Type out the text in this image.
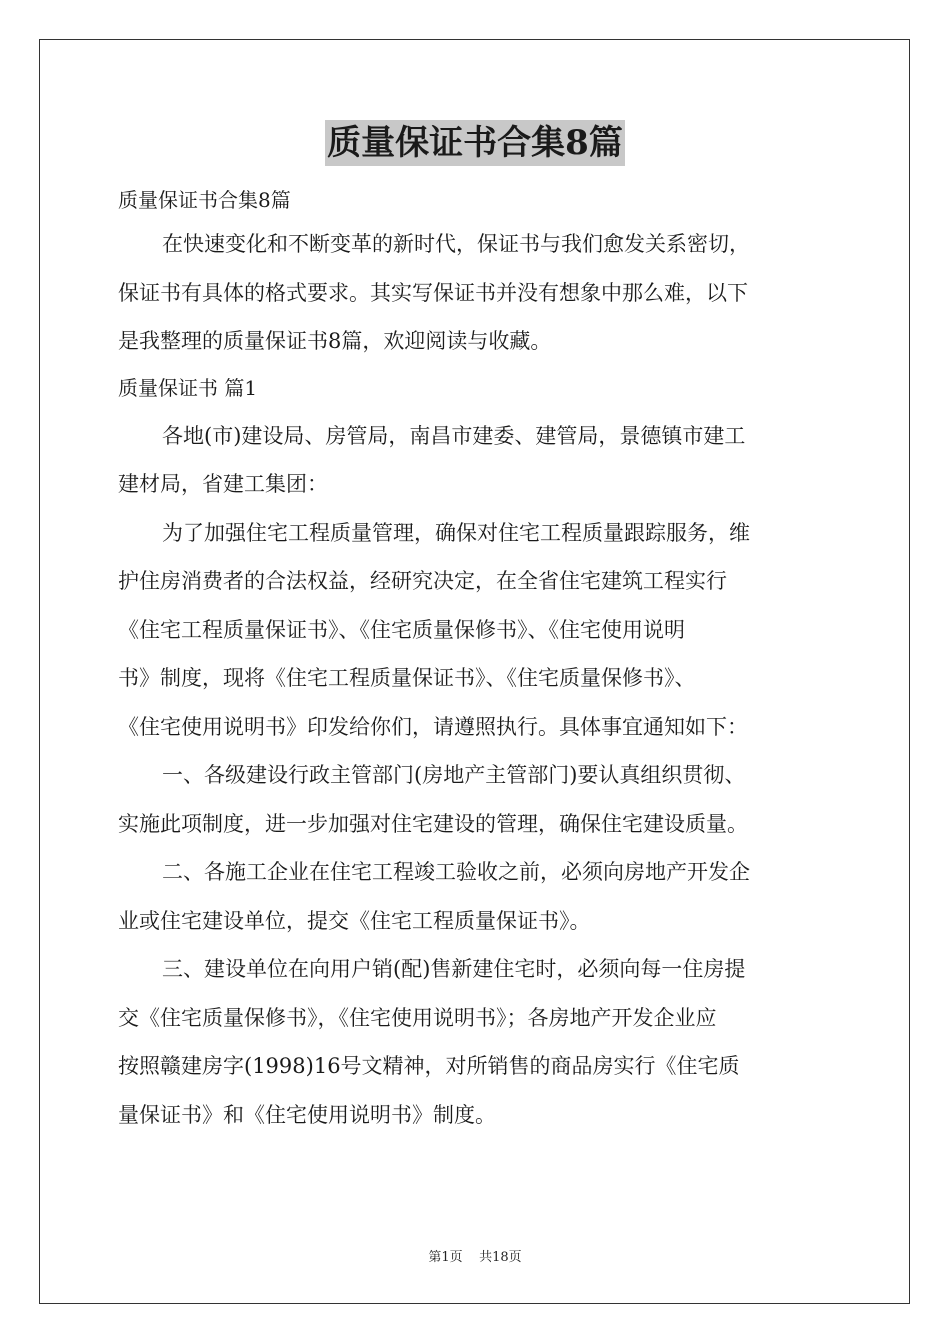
质量保证书合集8篇
质量保证书合集8篇
在快速变化和不断变革的新时代，保证书与我们愈发关系密切，
保证书有具体的格式要求。其实写保证书并没有想象中那么难，以下
是我整理的质量保证书8篇，欢迎阅读与收藏。
质量保证书 篇1
各地(市)建设局、房管局，南昌市建委、建管局，景德镇市建工
建材局，省建工集团：
为了加强住宅工程质量管理，确保对住宅工程质量跟踪服务，维
护住房消费者的合法权益，经研究决定，在全省住宅建筑工程实行
《住宅工程质量保证书》、《住宅质量保修书》、《住宅使用说明
书》制度，现将《住宅工程质量保证书》、《住宅质量保修书》、
《住宅使用说明书》印发给你们，请遵照执行。具体事宜通知如下：
一、各级建设行政主管部门(房地产主管部门)要认真组织贯彻、
实施此项制度，进一步加强对住宅建设的管理，确保住宅建设质量。
二、各施工企业在住宅工程竣工验收之前，必须向房地产开发企
业或住宅建设单位，提交《住宅工程质量保证书》。
三、建设单位在向用户销(配)售新建住宅时，必须向每一住房提
交《住宅质量保修书》，《住宅使用说明书》；各房地产开发企业应
按照赣建房字(1998)16号文精神，对所销售的商品房实行《住宅质
量保证书》和《住宅使用说明书》制度。
第1页    共18页
